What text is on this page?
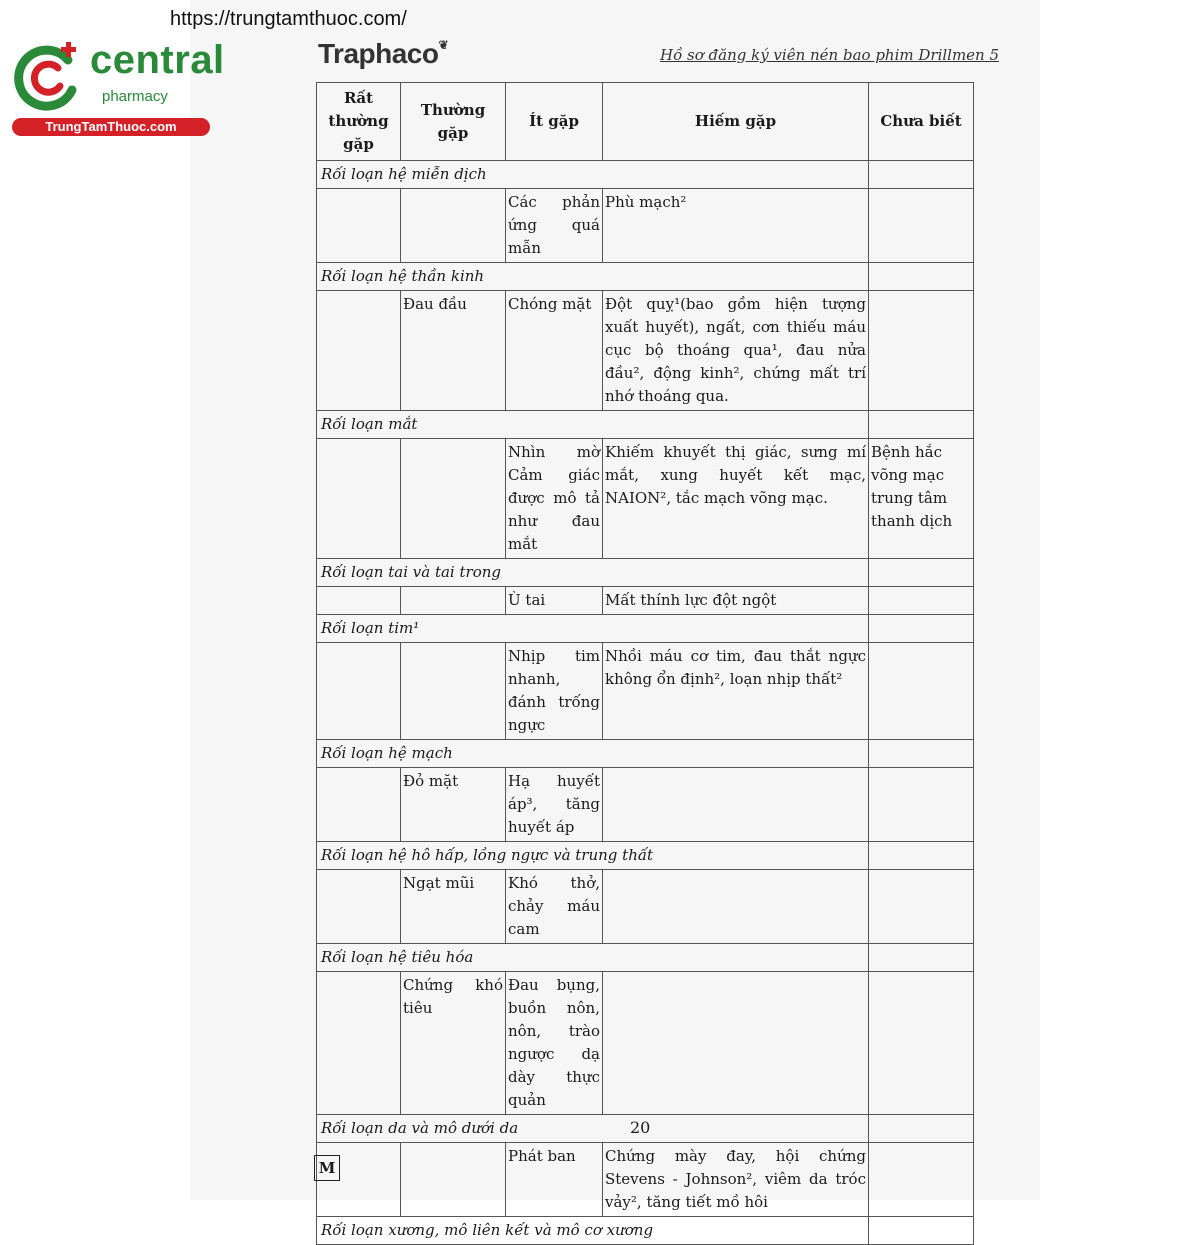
https://trungtamthuoc.com/
central
pharmacy
TrungTamThuoc.com
Traphaco❦
Hồ sơ đăng ký viên nén bao phim Drillmen 5
Rất thường gặp	Thường gặp	Ít gặp	Hiếm gặp	Chưa biết
Rối loạn hệ miễn dịch				
		Các phản ứng quá mẫn	Phù mạch²	
Rối loạn hệ thần kinh				
	Đau đầu	Chóng mặt	Đột quỵ¹(bao gồm hiện tượng xuất huyết), ngất, cơn thiếu máu cục bộ thoáng qua¹, đau nửa đầu², động kinh², chứng mất trí nhớ thoáng qua.	
Rối loạn mắt				
		Nhìn mờ Cảm giác được mô tả như đau mắt	Khiếm khuyết thị giác, sưng mí mắt, xung huyết kết mạc, NAION², tắc mạch võng mạc.	Bệnh hắc võng mạc trung tâm thanh dịch
Rối loạn tai và tai trong				
		Ù tai	Mất thính lực đột ngột	
Rối loạn tim¹				
		Nhịp tim nhanh, đánh trống ngực	Nhồi máu cơ tim, đau thắt ngực không ổn định², loạn nhịp thất²	
Rối loạn hệ mạch				
	Đỏ mặt	Hạ huyết áp³, tăng huyết áp		
Rối loạn hệ hô hấp, lồng ngực và trung thất				
	Ngạt mũi	Khó thở, chảy máu cam		
Rối loạn hệ tiêu hóa				
	Chứng khó tiêu	Đau bụng, buồn nôn, nôn, trào ngược dạ dày thực quản		
Rối loạn da và mô dưới da				
		Phát ban	Chứng mày đay, hội chứng Stevens - Johnson², viêm da tróc vảy², tăng tiết mồ hôi	
Rối loạn xương, mô liên kết và mô cơ xương				
20
M
